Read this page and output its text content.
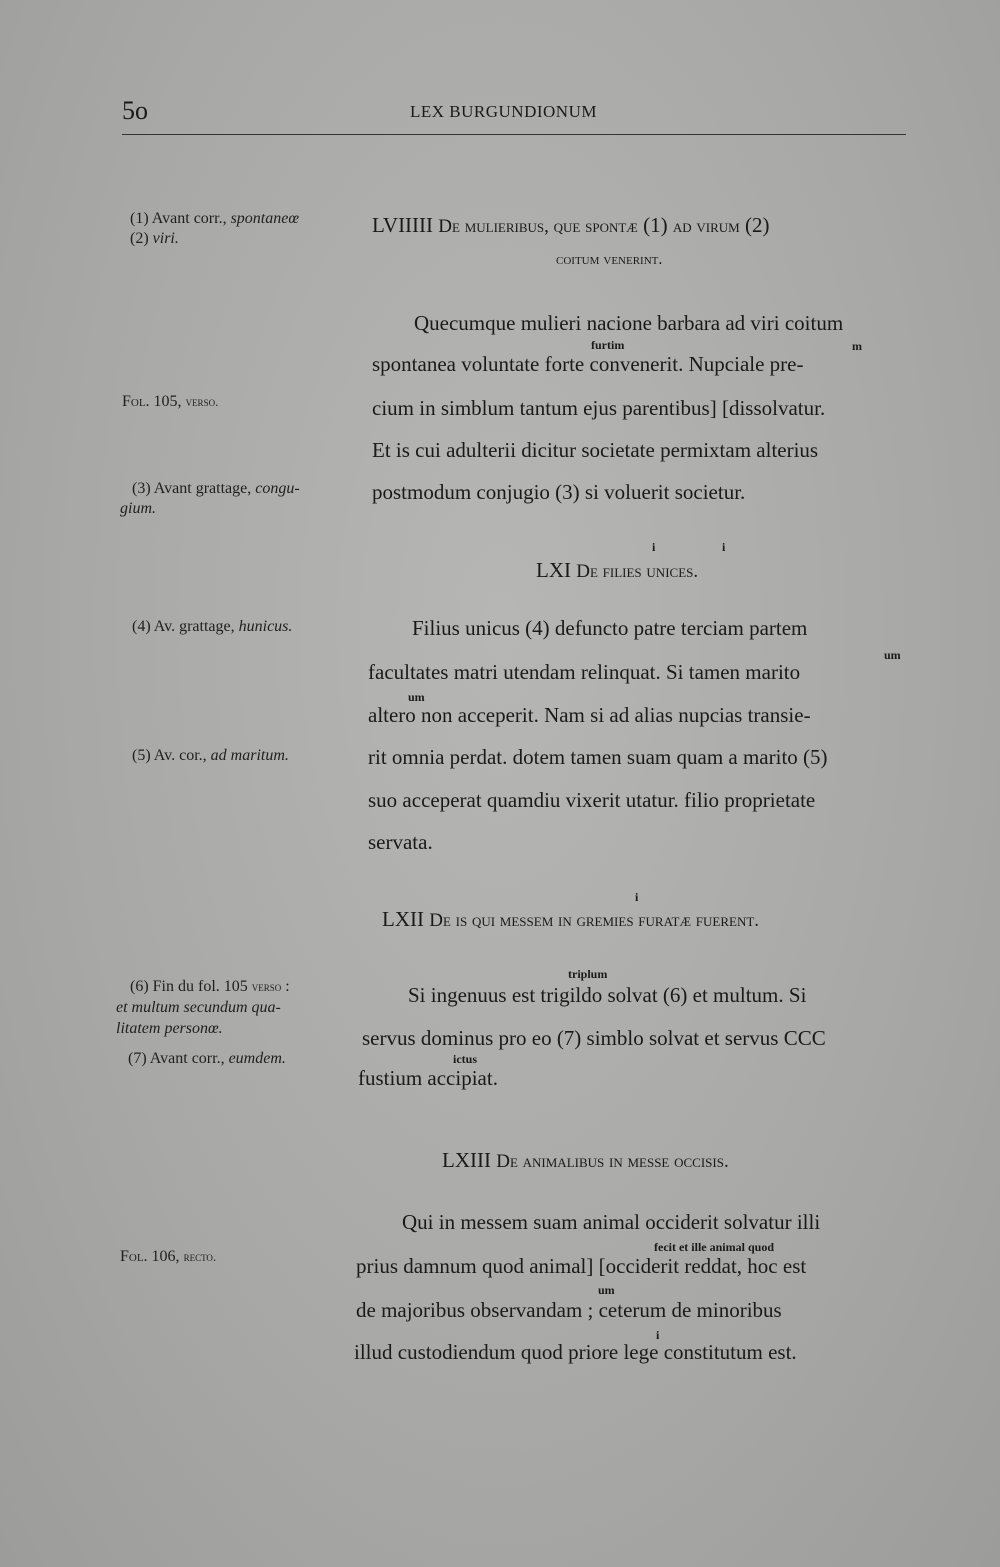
5o	LEX BURGUNDIONUM
(1) Avant corr., spontaneœ
(2) viri.
Fol. 105, verso.
(3) Avant grattage, congu-
gium.
(4) Av. grattage, hunicus.
(5) Av. cor., ad maritum.
(6) Fin du fol. 105 verso :
et multum secundum qua-
litatem personœ.
(7) Avant corr., eumdem.
Fol. 106, recto.
LVIIIII De mulieribus, que spontæ (1) ad virum (2)
coitum venerint.
Quecumque mulieri nacione barbara ad viri coitum
furtim	m
spontanea voluntate forte convenerit. Nupciale pre-
cium in simblum tantum ejus parentibus] [dissolvatur.
Et is cui adulterii dicitur societate permixtam alterius
postmodum conjugio (3) si voluerit societur.
i	i
LXI De filies unices.
Filius unicus (4) defuncto patre terciam partem
um
facultates matri utendam relinquat. Si tamen marito
um
altero non acceperit. Nam si ad alias nupcias transie-
rit omnia perdat. dotem tamen suam quam a marito (5)
suo acceperat quamdiu vixerit utatur. filio proprietate
servata.
i
LXII De is qui messem in gremies furatæ fuerent.
triplum
Si ingenuus est trigildo solvat (6) et multum. Si
servus dominus pro eo (7) simblo solvat et servus CCC
ictus
fustium accipiat.
LXIII De animalibus in messe occisis.
Qui in messem suam animal occiderit solvatur illi
fecit et ille animal quod
prius damnum quod animal] [occiderit reddat, hoc est
um
de majoribus observandam ; ceterum de minoribus
i
illud custodiendum quod priore lege constitutum est.
